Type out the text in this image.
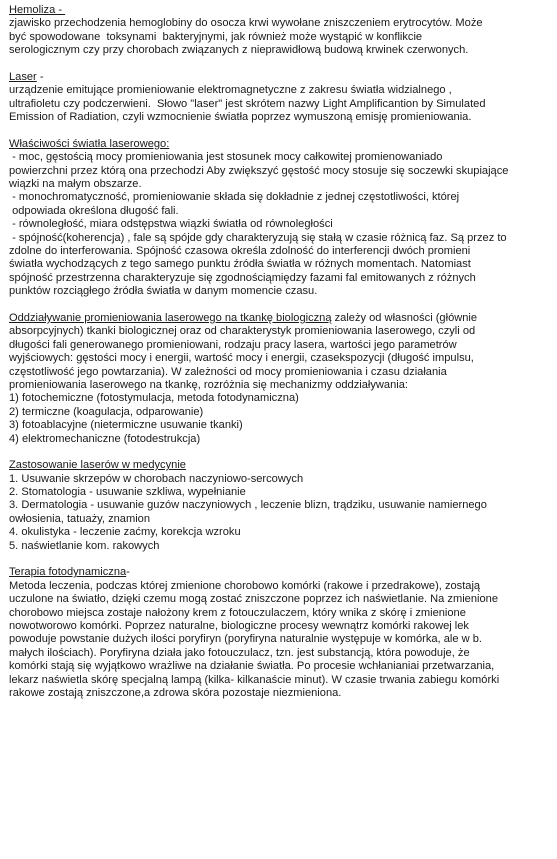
Hemoliza -
zjawisko przechodzenia hemoglobiny do osocza krwi wywołane zniszczeniem erytrocytów. Może
być spowodowane  toksynami  bakteryjnymi, jak również może wystąpić w konflikcie
serologicznym czy przy chorobach związanych z nieprawidłową budową krwinek czerwonych.
Laser -
urządzenie emitujące promieniowanie elektromagnetyczne z zakresu światła widzialnego ,
ultrafioletu czy podczerwieni.  Słowo "laser" jest skrótem nazwy Light Amplificantion by Simulated
Emission of Radiation, czyli wzmocnienie światła poprzez wymuszoną emisję promieniowania.
Właściwości światła laserowego:
- moc, gęstością mocy promieniowania jest stosunek mocy całkowitej promienowaniado
powierzchni przez którą ona przechodzi Aby zwiększyć gęstość mocy stosuje się soczewki skupiające
wiązki na małym obszarze.
- monochromatyczność, promieniowanie składa się dokładnie z jednej częstotliwości, której
odpowiada określona długość fali.
- równoległość, miara odstępstwa wiązki światła od równoległości
- spójność(koherencja) , fale są spójde gdy charakteryzują się stałą w czasie różnicą faz. Są przez to
zdolne do interferowania. Spójność czasowa określa zdolność do interferencji dwóch promieni
światła wychodzących z tego samego punktu źródła światła w różnych momentach. Natomiast
spójność przestrzenna charakteryzuje się zgodnościąmiędzy fazami fal emitowanych z różnych
punktów rozciągłego źródła światła w danym momencie czasu.
Oddziaływanie promieniowania laserowego na tkankę biologiczną zależy od własności (głównie
absorpcyjnych) tkanki biologicznej oraz od charakterystyk promieniowania laserowego, czyli od
długości fali generowanego promieniowani, rodzaju pracy lasera, wartości jego parametrów
wyjściowych: gęstości mocy i energii, wartość mocy i energii, czasekspozycji (długość impulsu,
częstotliwość jego powtarzania). W zależności od mocy promieniowania i czasu działania
promieniowania laserowego na tkankę, rozróżnia się mechanizmy oddziaływania:
1) fotochemiczne (fotostymulacja, metoda fotodynamiczna)
2) termiczne (koagulacja, odparowanie)
3) fotoablacyjne (nietermiczne usuwanie tkanki)
4) elektromechaniczne (fotodestrukcja)
Zastosowanie laserów w medycynie
1. Usuwanie skrzepów w chorobach naczyniowo-sercowych
2. Stomatologia - usuwanie szkliwa, wypełnianie
3. Dermatologia - usuwanie guzów naczyniowych , leczenie blizn, trądziku, usuwanie namiernego
owłosienia, tatuaży, znamion
4. okulistyka - leczenie zaćmy, korekcja wzroku
5. naświetlanie kom. rakowych
Terapia fotodynamiczna-
Metoda leczenia, podczas której zmienione chorobowo komórki (rakowe i przedrakowe), zostają
uczulone na światło, dzięki czemu mogą zostać zniszczone poprzez ich naświetlanie. Na zmienione
chorobowo miejsca zostaje nałożony krem z fotouczulaczem, który wnika z skórę i zmienione
nowotworowo komórki. Poprzez naturalne, biologiczne procesy wewnątrz komórki rakowej lek
powoduje powstanie dużych ilości poryfiryn (poryfiryna naturalnie występuje w komórka, ale w b.
małych ilościach). Poryfiryna działa jako fotouczulacz, tzn. jest substancją, która powoduje, że
komórki stają się wyjątkowo wrażliwe na działanie światła. Po procesie wchłanianiai przetwarzania,
lekarz naświetla skórę specjalną lampą (kilka- kilkanaście minut). W czasie trwania zabiegu komórki
rakowe zostają zniszczone,a zdrowa skóra pozostaje niezmieniona.
